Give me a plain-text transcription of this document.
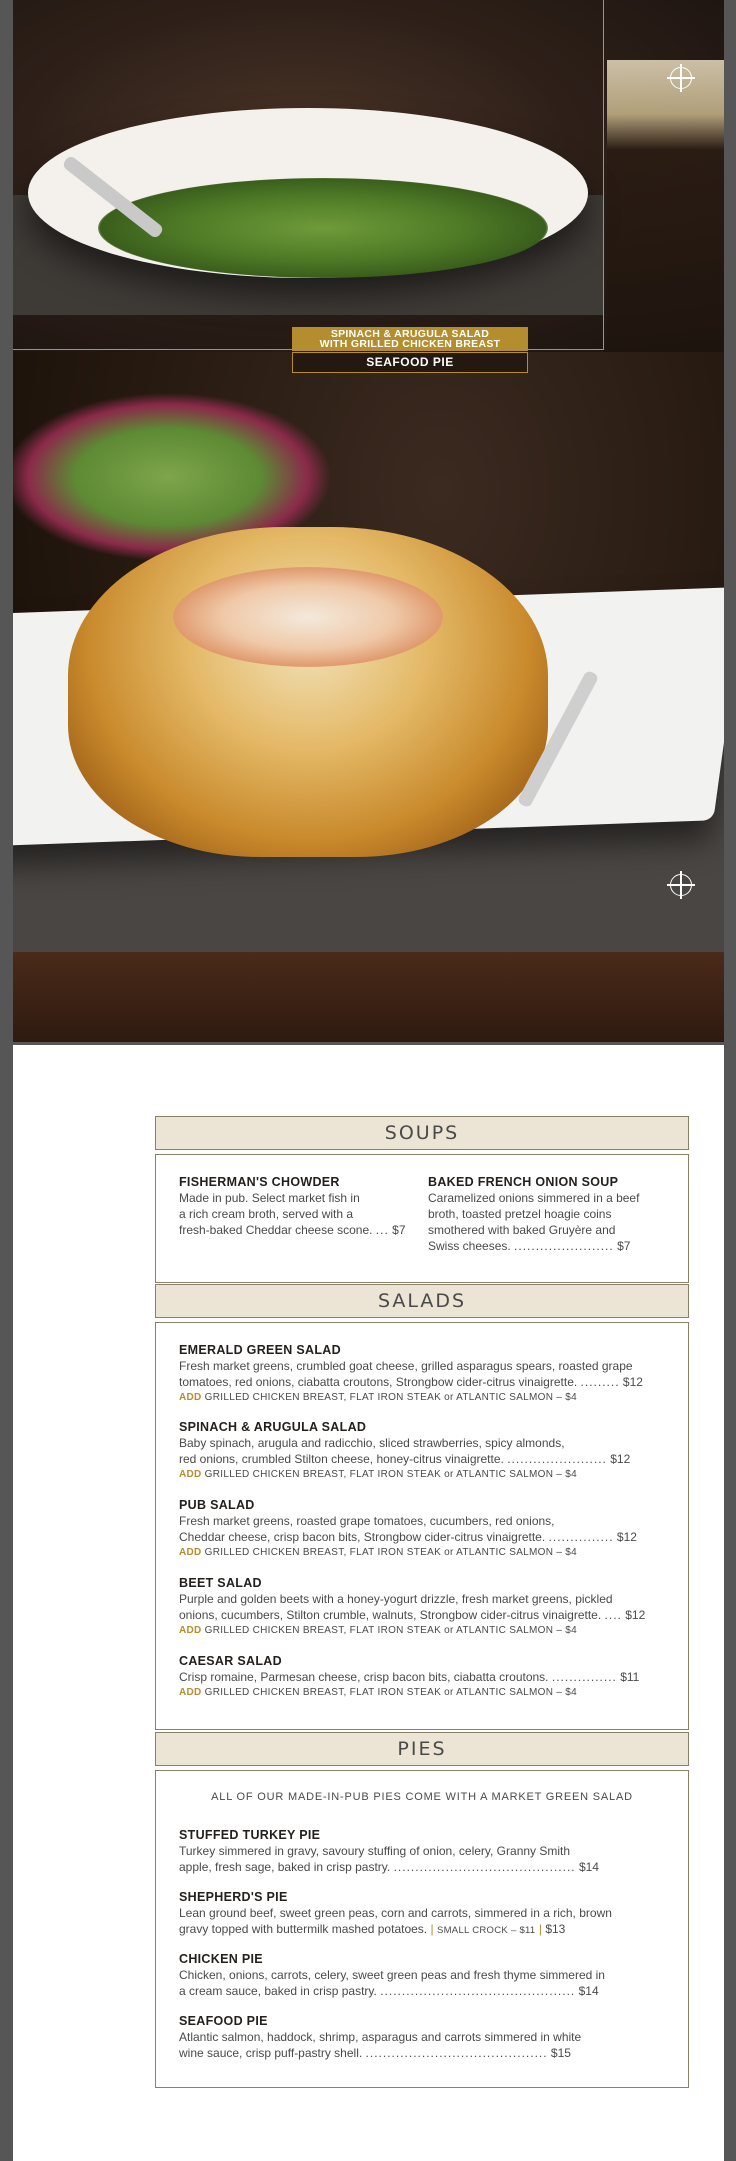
SPINACH & ARUGULA SALAD
WITH GRILLED CHICKEN BREAST
SEAFOOD PIE
SOUPS
FISHERMAN'S CHOWDER
Made in pub. Select market fish in
a rich cream broth, served with a
fresh-baked Cheddar cheese scone. ... $7
BAKED FRENCH ONION SOUP
Caramelized onions simmered in a beef
broth, toasted pretzel hoagie coins
smothered with baked Gruyère and
Swiss cheeses. ....................... $7
SALADS
EMERALD GREEN SALAD
Fresh market greens, crumbled goat cheese, grilled asparagus spears, roasted grape
tomatoes, red onions, ciabatta croutons, Strongbow cider-citrus vinaigrette. ......... $12
ADD GRILLED CHICKEN BREAST, FLAT IRON STEAK or ATLANTIC SALMON – $4
SPINACH & ARUGULA SALAD
Baby spinach, arugula and radicchio, sliced strawberries, spicy almonds,
red onions, crumbled Stilton cheese, honey-citrus vinaigrette. ....................... $12
ADD GRILLED CHICKEN BREAST, FLAT IRON STEAK or ATLANTIC SALMON – $4
PUB SALAD
Fresh market greens, roasted grape tomatoes, cucumbers, red onions,
Cheddar cheese, crisp bacon bits, Strongbow cider-citrus vinaigrette. ............... $12
ADD GRILLED CHICKEN BREAST, FLAT IRON STEAK or ATLANTIC SALMON – $4
BEET SALAD
Purple and golden beets with a honey-yogurt drizzle, fresh market greens, pickled
onions, cucumbers, Stilton crumble, walnuts, Strongbow cider-citrus vinaigrette. .... $12
ADD GRILLED CHICKEN BREAST, FLAT IRON STEAK or ATLANTIC SALMON – $4
CAESAR SALAD
Crisp romaine, Parmesan cheese, crisp bacon bits, ciabatta croutons. ............... $11
ADD GRILLED CHICKEN BREAST, FLAT IRON STEAK or ATLANTIC SALMON – $4
PIES
ALL OF OUR MADE-IN-PUB PIES COME WITH A MARKET GREEN SALAD
STUFFED TURKEY PIE
Turkey simmered in gravy, savoury stuffing of onion, celery, Granny Smith
apple, fresh sage, baked in crisp pastry. .......................................... $14
SHEPHERD'S PIE
Lean ground beef, sweet green peas, corn and carrots, simmered in a rich, brown
gravy topped with buttermilk mashed potatoes. | SMALL CROCK – $11 | $13
CHICKEN PIE
Chicken, onions, carrots, celery, sweet green peas and fresh thyme simmered in
a cream sauce, baked in crisp pastry. ............................................. $14
SEAFOOD PIE
Atlantic salmon, haddock, shrimp, asparagus and carrots simmered in white
wine sauce, crisp puff-pastry shell. .......................................... $15
